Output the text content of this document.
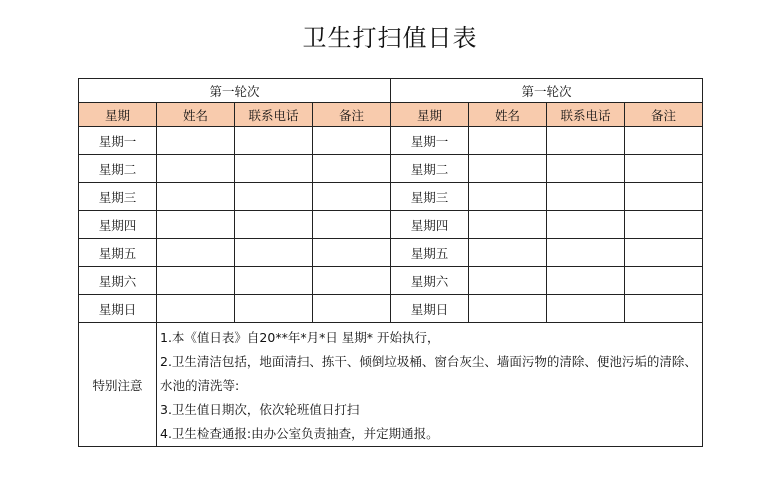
卫生打扫值日表
第一轮次				第一轮次			
星期	姓名	联系电话	备注	星期	姓名	联系电话	备注
星期一				星期一			
星期二				星期二			
星期三				星期三			
星期四				星期四			
星期五				星期五			
星期六				星期六			
星期日				星期日			
特别注意	1.本《值日表》自20**年*月*日 星期* 开始执行，
2.卫生清洁包括，地面清扫、拣干、倾倒垃圾桶、窗台灰尘、墙面污物的清除、便池污垢的清除、水池的清洗等:
3.卫生值日期次，依次轮班值日打扫
4.卫生检查通报:由办公室负责抽查，并定期通报。						
